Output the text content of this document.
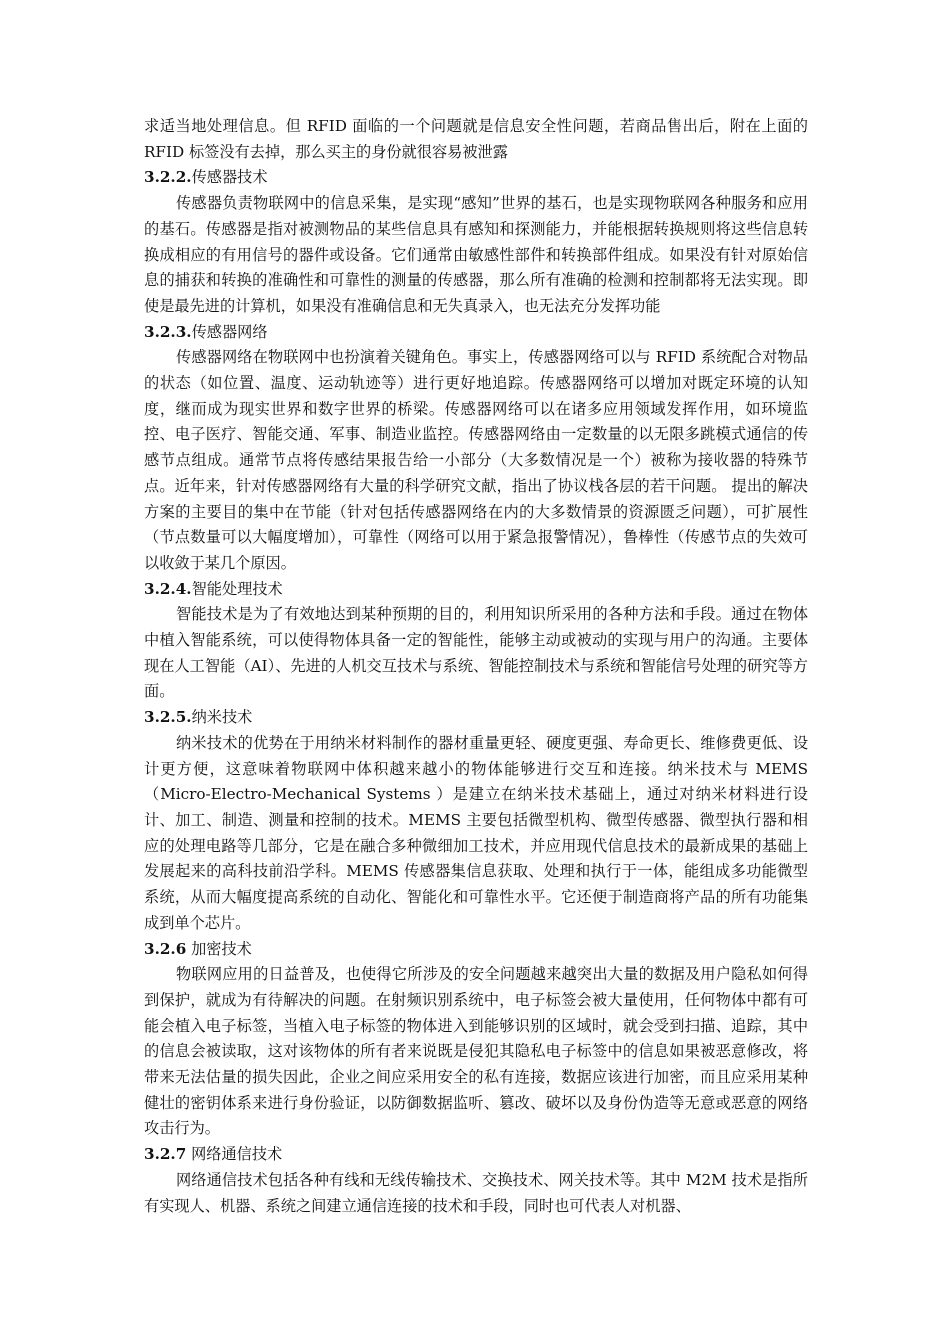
求适当地处理信息。但 RFID 面临的一个问题就是信息安全性问题，若商品售出后，附在上面的 RFID 标签没有去掉，那么买主的身份就很容易被泄露

3.2.2.传感器技术

传感器负责物联网中的信息采集，是实现“感知”世界的基石，也是实现物联网各种服务和应用的基石。传感器是指对被测物品的某些信息具有感知和探测能力，并能根据转换规则将这些信息转换成相应的有用信号的器件或设备。它们通常由敏感性部件和转换部件组成。如果没有针对原始信息的捕获和转换的准确性和可靠性的测量的传感器，那么所有准确的检测和控制都将无法实现。即使是最先进的计算机，如果没有准确信息和无失真录入，也无法充分发挥功能

3.2.3.传感器网络

传感器网络在物联网中也扮演着关键角色。事实上，传感器网络可以与 RFID 系统配合对物品的状态（如位置、温度、运动轨迹等）进行更好地追踪。传感器网络可以增加对既定环境的认知度，继而成为现实世界和数字世界的桥梁。传感器网络可以在诸多应用领域发挥作用，如环境监控、电子医疗、智能交通、军事、制造业监控。传感器网络由一定数量的以无限多跳模式通信的传感节点组成。通常节点将传感结果报告给一小部分（大多数情况是一个）被称为接收器的特殊节点。近年来，针对传感器网络有大量的科学研究文献，指出了协议栈各层的若干问题。 提出的解决方案的主要目的集中在节能（针对包括传感器网络在内的大多数情景的资源匮乏问题），可扩展性（节点数量可以大幅度增加），可靠性（网络可以用于紧急报警情况），鲁棒性（传感节点的失效可以收敛于某几个原因。

3.2.4.智能处理技术

智能技术是为了有效地达到某种预期的目的，利用知识所采用的各种方法和手段。通过在物体中植入智能系统，可以使得物体具备一定的智能性，能够主动或被动的实现与用户的沟通。主要体现在人工智能（AI）、先进的人机交互技术与系统、智能控制技术与系统和智能信号处理的研究等方面。

3.2.5.纳米技术

纳米技术的优势在于用纳米材料制作的器材重量更轻、硬度更强、寿命更长、维修费更低、设计更方便，这意味着物联网中体积越来越小的物体能够进行交互和连接。纳米技术与 MEMS（Micro-Electro-Mechanical Systems ）是建立在纳米技术基础上，通过对纳米材料进行设计、加工、制造、测量和控制的技术。MEMS 主要包括微型机构、微型传感器、微型执行器和相应的处理电路等几部分，它是在融合多种微细加工技术，并应用现代信息技术的最新成果的基础上发展起来的高科技前沿学科。MEMS 传感器集信息获取、处理和执行于一体，能组成多功能微型系统，从而大幅度提高系统的自动化、智能化和可靠性水平。它还便于制造商将产品的所有功能集成到单个芯片。

3.2.6 加密技术

物联网应用的日益普及，也使得它所涉及的安全问题越来越突出大量的数据及用户隐私如何得到保护，就成为有待解决的问题。在射频识别系统中，电子标签会被大量使用，任何物体中都有可能会植入电子标签，当植入电子标签的物体进入到能够识别的区域时，就会受到扫描、追踪，其中的信息会被读取，这对该物体的所有者来说既是侵犯其隐私电子标签中的信息如果被恶意修改，将带来无法估量的损失因此，企业之间应采用安全的私有连接，数据应该进行加密，而且应采用某种健壮的密钥体系来进行身份验证，以防御数据监听、篡改、破坏以及身份伪造等无意或恶意的网络攻击行为。

3.2.7 网络通信技术

网络通信技术包括各种有线和无线传输技术、交换技术、网关技术等。其中 M2M 技术是指所有实现人、机器、系统之间建立通信连接的技术和手段，同时也可代表人对机器、
